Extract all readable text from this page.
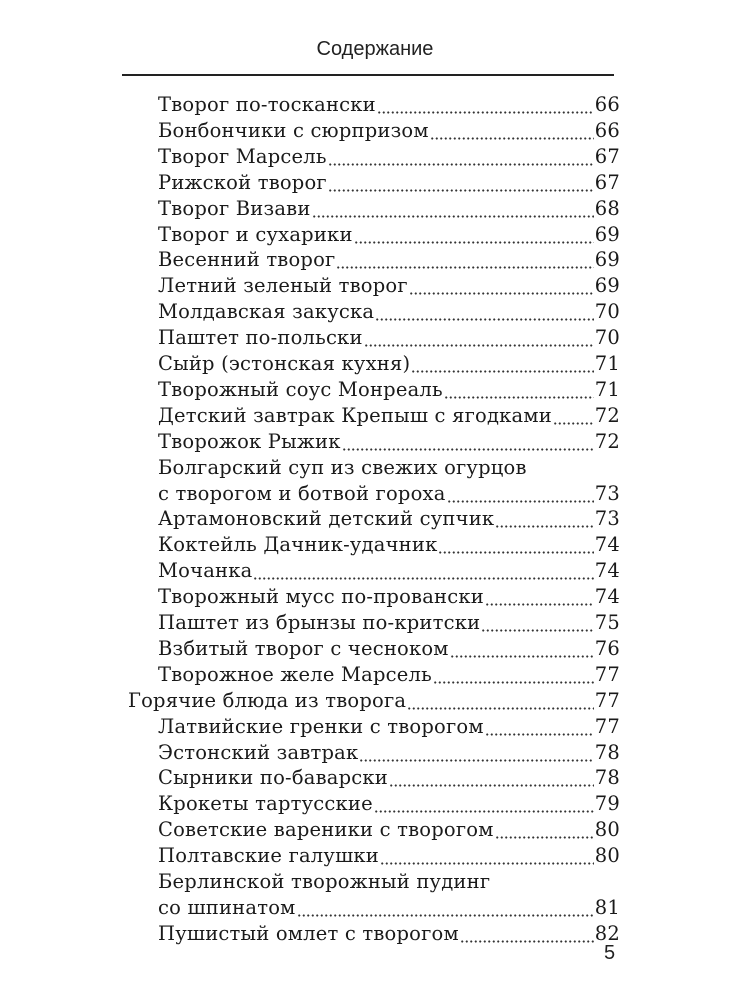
Содержание
Творог по-тоскански	66
Бонбончики с сюрпризом	66
Творог Марсель	67
Рижской творог	67
Творог Визави	68
Творог и сухарики	69
Весенний творог	69
Летний зеленый творог	69
Молдавская закуска	70
Паштет по-польски	70
Сыйр (эстонская кухня)	71
Творожный соус Монреаль	71
Детский завтрак Крепыш с ягодками 72
Творожок Рыжик	72
Болгарский суп из свежих огурцов
с творогом и ботвой гороха	73
Артамоновский детский супчик	73
Коктейль Дачник-удачник	74
Мочанка	74
Творожный мусс по-провански	74
Паштет из брынзы по-критски	75
Взбитый творог с чесноком	76
Творожное желе Марсель	77
Горячие блюда из творога	77
Латвийские гренки с творогом	77
Эстонский завтрак	78
Сырники по-баварски	78
Крокеты тартусские	79
Советские вареники с творогом	80
Полтавские галушки	80
Берлинской творожный пудинг
со шпинатом	81
Пушистый омлет с творогом	82
5
